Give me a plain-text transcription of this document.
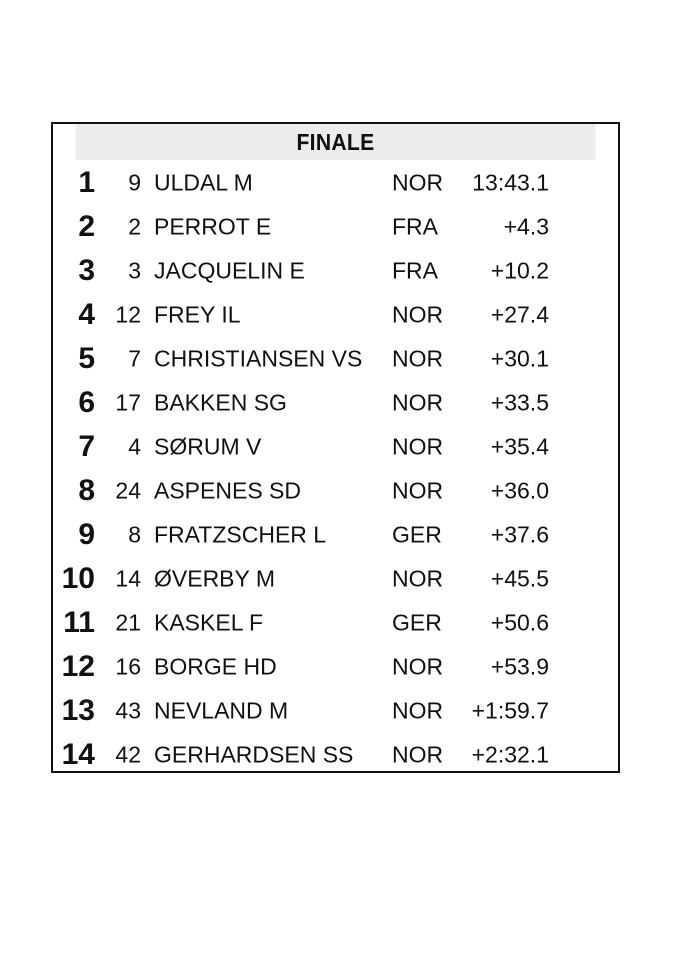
FINALE
1	9 ULDAL M	NOR	13:43.1
2	2 PERROT E	FRA	+4.3
3	3 JACQUELIN E	FRA	+10.2
4 12 FREY IL	NOR	+27.4
5	7 CHRISTIANSEN VS NOR	+30.1
6 17 BAKKEN SG	NOR	+33.5
7	4 SØRUM V	NOR	+35.4
8 24 ASPENES SD	NOR	+36.0
9	8 FRATZSCHER L	GER	+37.6
10 14 ØVERBY M	NOR	+45.5
11 21 KASKEL F	GER	+50.6
12 16 BORGE HD	NOR	+53.9
13 43 NEVLAND M	NOR	+1:59.7
14 42 GERHARDSEN SS NOR	+2:32.1
